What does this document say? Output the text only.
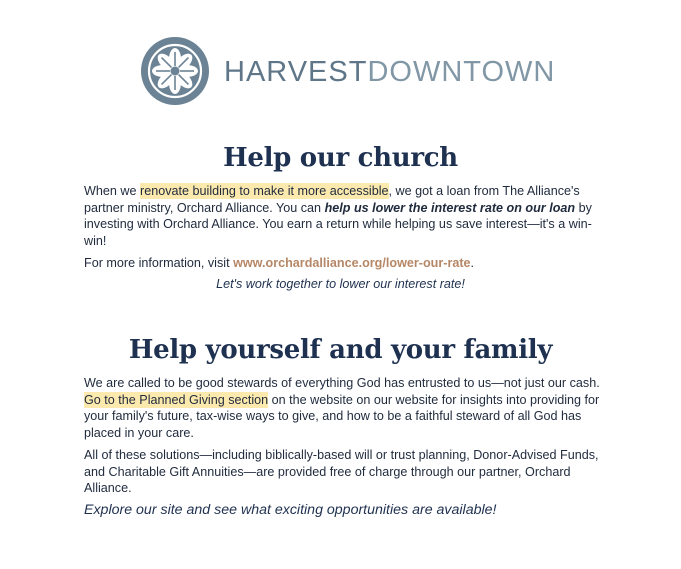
HARVESTDOWNTOWN
Help our church

When we renovate building to make it more accessible, we got a loan from The Alliance's partner ministry, Orchard Alliance. You can help us lower the interest rate on our loan by investing with Orchard Alliance. You earn a return while helping us save interest—it's a win-win!

For more information, visit www.orchardalliance.org/lower-our-rate.

Let's work together to lower our interest rate!

Help yourself and your family

We are called to be good stewards of everything God has entrusted to us—not just our cash. Go to the Planned Giving section on the website on our website for insights into providing for your family's future, tax-wise ways to give, and how to be a faithful steward of all God has placed in your care.

All of these solutions—including biblically-based will or trust planning, Donor-Advised Funds, and Charitable Gift Annuities—are provided free of charge through our partner, Orchard Alliance.

Explore our site and see what exciting opportunities are available!
